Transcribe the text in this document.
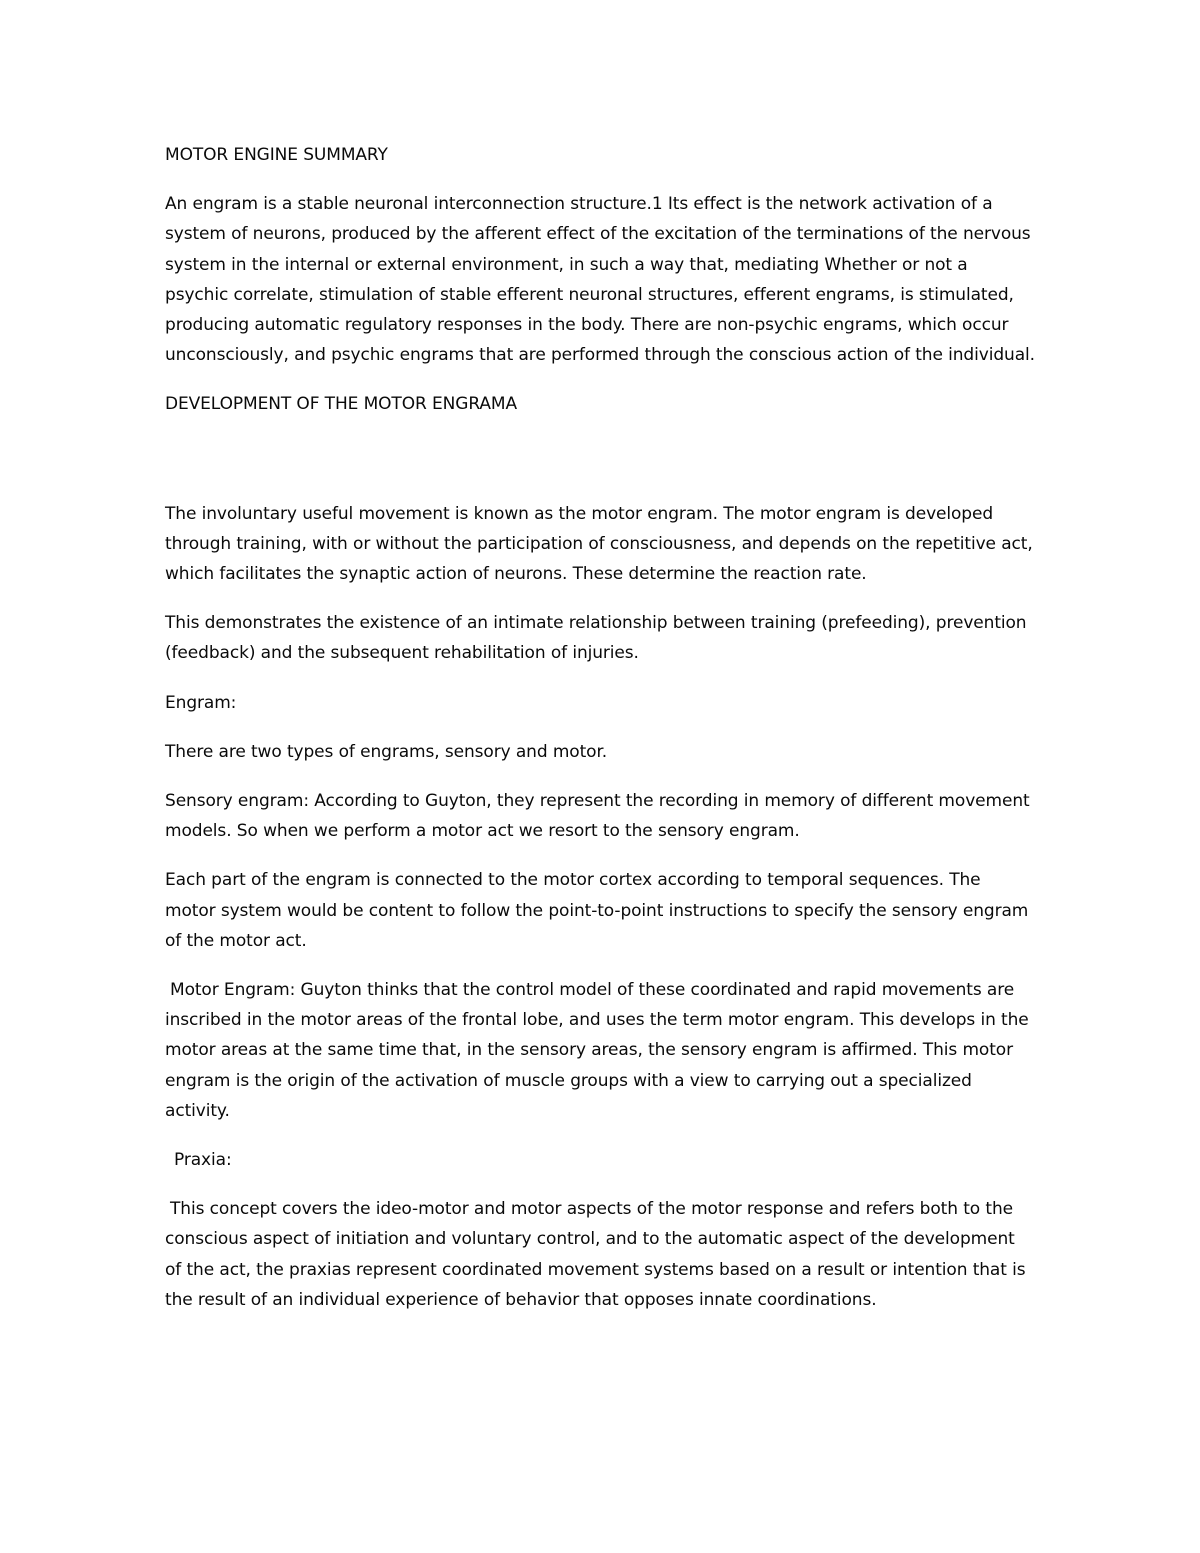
MOTOR ENGINE SUMMARY

An engram is a stable neuronal interconnection structure.1 Its effect is the network activation of a system of neurons, produced by the afferent effect of the excitation of the terminations of the nervous system in the internal or external environment, in such a way that, mediating Whether or not a psychic correlate, stimulation of stable efferent neuronal structures, efferent engrams, is stimulated, producing automatic regulatory responses in the body. There are non-psychic engrams, which occur unconsciously, and psychic engrams that are performed through the conscious action of the individual.

DEVELOPMENT OF THE MOTOR ENGRAMA

The involuntary useful movement is known as the motor engram. The motor engram is developed through training, with or without the participation of consciousness, and depends on the repetitive act, which facilitates the synaptic action of neurons. These determine the reaction rate.

This demonstrates the existence of an intimate relationship between training (prefeeding), prevention (feedback) and the subsequent rehabilitation of injuries.

Engram:

There are two types of engrams, sensory and motor.

Sensory engram: According to Guyton, they represent the recording in memory of different movement models. So when we perform a motor act we resort to the sensory engram.

Each part of the engram is connected to the motor cortex according to temporal sequences. The motor system would be content to follow the point-to-point instructions to specify the sensory engram of the motor act.

Motor Engram: Guyton thinks that the control model of these coordinated and rapid movements are inscribed in the motor areas of the frontal lobe, and uses the term motor engram. This develops in the motor areas at the same time that, in the sensory areas, the sensory engram is affirmed. This motor engram is the origin of the activation of muscle groups with a view to carrying out a specialized activity.

Praxia:

This concept covers the ideo-motor and motor aspects of the motor response and refers both to the conscious aspect of initiation and voluntary control, and to the automatic aspect of the development of the act, the praxias represent coordinated movement systems based on a result or intention that is the result of an individual experience of behavior that opposes innate coordinations.
